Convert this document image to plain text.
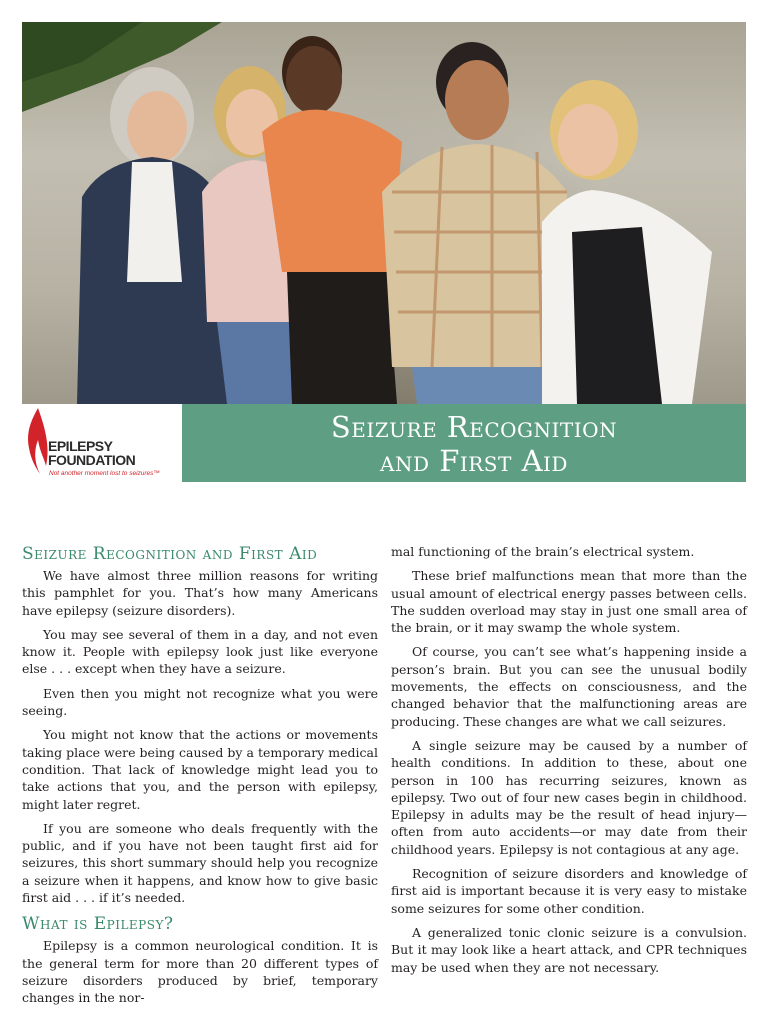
EPILEPSY
FOUNDATION
Not another moment lost to seizures™
Seizure Recognition
and First Aid
Seizure Recognition and First Aid

We have almost three million reasons for writing this pamphlet for you. That’s how many Americans have epilepsy (seizure disorders).

You may see several of them in a day, and not even know it. People with epilepsy look just like everyone else . . . except when they have a seizure.

Even then you might not recognize what you were seeing.

You might not know that the actions or movements taking place were being caused by a temporary medical condition. That lack of knowledge might lead you to take actions that you, and the person with epilepsy, might later regret.

If you are someone who deals frequently with the public, and if you have not been taught first aid for seizures, this short summary should help you recognize a seizure when it happens, and know how to give basic first aid . . . if it’s needed.

What is Epilepsy?

Epilepsy is a common neurological condition. It is the general term for more than 20 different types of seizure disorders produced by brief, temporary changes in the nor-

mal functioning of the brain’s electrical system.

These brief malfunctions mean that more than the usual amount of electrical energy passes between cells. The sudden overload may stay in just one small area of the brain, or it may swamp the whole system.

Of course, you can’t see what’s happening inside a person’s brain. But you can see the unusual bodily movements, the effects on consciousness, and the changed behavior that the malfunctioning areas are producing. These changes are what we call seizures.

A single seizure may be caused by a number of health conditions. In addition to these, about one person in 100 has recurring seizures, known as epilepsy. Two out of four new cases begin in childhood. Epilepsy in adults may be the result of head injury—often from auto accidents—or may date from their childhood years. Epilepsy is not contagious at any age.

Recognition of seizure disorders and knowledge of first aid is important because it is very easy to mistake some seizures for some other condition.

A generalized tonic clonic seizure is a convulsion. But it may look like a heart attack, and CPR techniques may be used when they are not necessary.
